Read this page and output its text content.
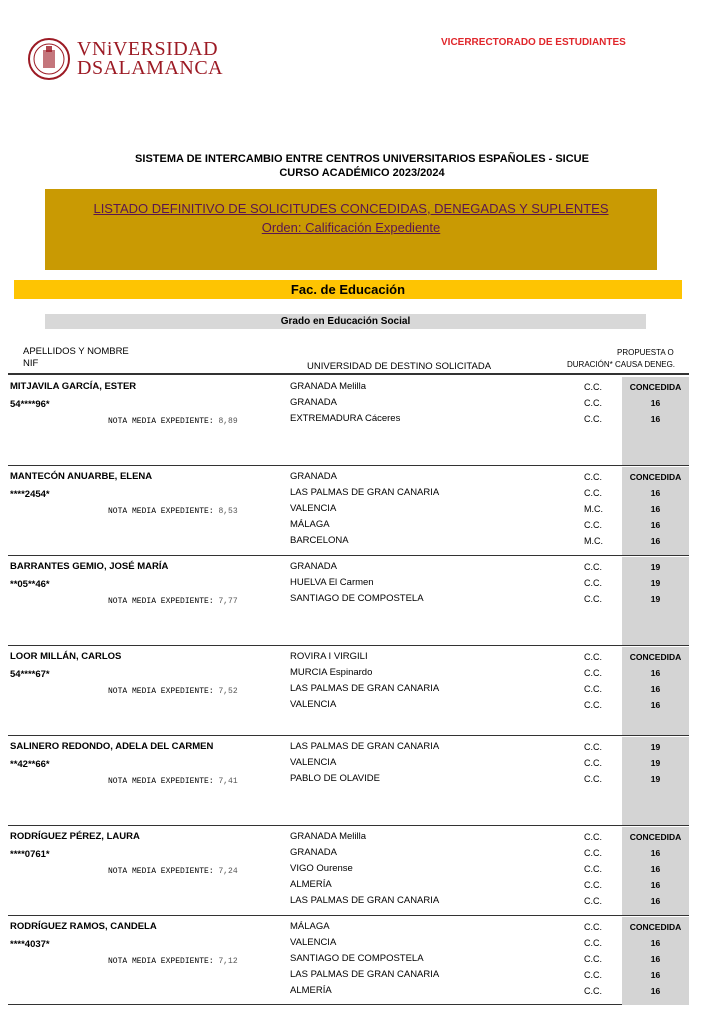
VNiVERSIDAD
DSALAMANCA
VICERRECTORADO DE ESTUDIANTES
SISTEMA DE INTERCAMBIO ENTRE CENTROS UNIVERSITARIOS ESPAÑOLES - SICUE
CURSO ACADÉMICO 2023/2024
LISTADO DEFINITIVO DE SOLICITUDES CONCEDIDAS, DENEGADAS Y SUPLENTES
Orden: Calificación Expediente
Fac. de Educación
Grado en Educación Social
APELLIDOS Y NOMBRE
NIF	UNIVERSIDAD DE DESTINO SOLICITADA	DURACIÓN*
PROPUESTA O
CAUSA DENEG.
MITJAVILA GARCÍA, ESTER
54****96*
NOTA MEDIA EXPEDIENTE: 8,89
GRANADA Melilla	C.C.	CONCEDIDA
GRANADA	C.C.	16
EXTREMADURA Cáceres	C.C.	16
MANTECÓN ANUARBE, ELENA
****2454*
NOTA MEDIA EXPEDIENTE: 8,53
GRANADA	C.C.	CONCEDIDA
LAS PALMAS DE GRAN CANARIA	C.C.	16
VALENCIA	M.C.	16
MÁLAGA	C.C.	16
BARCELONA	M.C.	16
BARRANTES GEMIO, JOSÉ MARÍA
**05**46*
NOTA MEDIA EXPEDIENTE: 7,77
GRANADA	C.C.	19
HUELVA El Carmen	C.C.	19
SANTIAGO DE COMPOSTELA	C.C.	19
LOOR MILLÁN, CARLOS
54****67*
NOTA MEDIA EXPEDIENTE: 7,52
ROVIRA I VIRGILI	C.C.	CONCEDIDA
MURCIA Espinardo	C.C.	16
LAS PALMAS DE GRAN CANARIA	C.C.	16
VALENCIA	C.C.	16
SALINERO REDONDO, ADELA DEL CARMEN
**42**66*
NOTA MEDIA EXPEDIENTE: 7,41
LAS PALMAS DE GRAN CANARIA	C.C.	19
VALENCIA	C.C.	19
PABLO DE OLAVIDE	C.C.	19
RODRÍGUEZ PÉREZ, LAURA
****0761*
NOTA MEDIA EXPEDIENTE: 7,24
GRANADA Melilla	C.C.	CONCEDIDA
GRANADA	C.C.	16
VIGO Ourense	C.C.	16
ALMERÍA	C.C.	16
LAS PALMAS DE GRAN CANARIA	C.C.	16
RODRÍGUEZ RAMOS, CANDELA
****4037*
NOTA MEDIA EXPEDIENTE: 7,12
MÁLAGA	C.C.	CONCEDIDA
VALENCIA	C.C.	16
SANTIAGO DE COMPOSTELA	C.C.	16
LAS PALMAS DE GRAN CANARIA	C.C.	16
ALMERÍA	C.C.	16
